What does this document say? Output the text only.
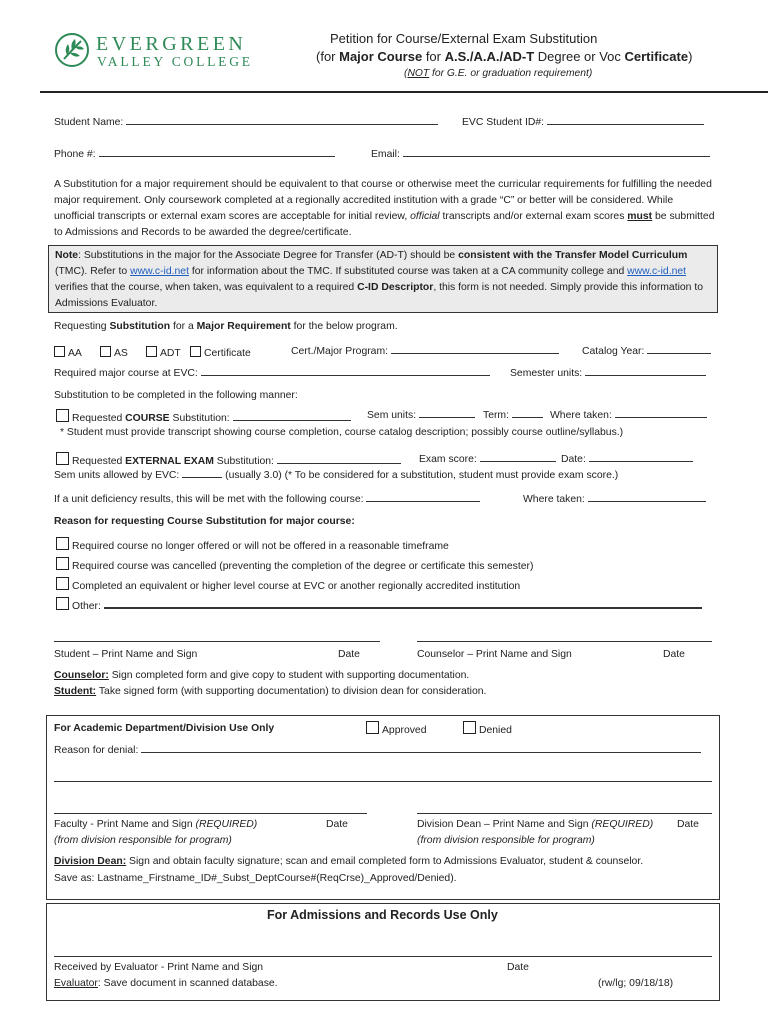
EVERGREEN
VALLEY COLLEGE
Petition for Course/External Exam Substitution
(for Major Course for A.S./A.A./AD-T Degree or Voc Certificate)
(NOT for G.E. or graduation requirement)
Student Name:	EVC Student ID#:
Phone #:	Email:
A Substitution for a major requirement should be equivalent to that course or otherwise meet the curricular requirements for fulfilling the needed major requirement. Only coursework completed at a regionally accredited institution with a grade “C” or better will be considered. While unofficial transcripts or external exam scores are acceptable for initial review, official transcripts and/or external exam scores must be submitted to Admissions and Records to be awarded the degree/certificate.
Note: Substitutions in the major for the Associate Degree for Transfer (AD-T) should be consistent with the Transfer Model Curriculum (TMC). Refer to www.c-id.net for information about the TMC. If substituted course was taken at a CA community college and www.c-id.net verifies that the course, when taken, was equivalent to a required C-ID Descriptor, this form is not needed. Simply provide this information to Admissions Evaluator.
Requesting Substitution for a Major Requirement for the below program.
AA	AS	ADT	Certificate	Cert./Major Program:	Catalog Year:
Required major course at EVC:	Semester units:
Substitution to be completed in the following manner:
Requested COURSE Substitution:	Sem units:	Term:	Where taken:
* Student must provide transcript showing course completion, course catalog description; possibly course outline/syllabus.)
Requested EXTERNAL EXAM Substitution:	Exam score:	Date:
Sem units allowed by EVC:	(usually 3.0) (* To be considered for a substitution, student must provide exam score.)
If a unit deficiency results, this will be met with the following course:	Where taken:
Reason for requesting Course Substitution for major course:
Required course no longer offered or will not be offered in a reasonable timeframe
Required course was cancelled (preventing the completion of the degree or certificate this semester)
Completed an equivalent or higher level course at EVC or another regionally accredited institution
Other:
Student – Print Name and Sign	Date	Counselor – Print Name and Sign	Date
Counselor: Sign completed form and give copy to student with supporting documentation.
Student: Take signed form (with supporting documentation) to division dean for consideration.
For Academic Department/Division Use Only	Approved	Denied
Reason for denial:
Faculty - Print Name and Sign (REQUIRED)	Date
(from division responsible for program)
Division Dean – Print Name and Sign (REQUIRED) Date
(from division responsible for program)
Division Dean: Sign and obtain faculty signature; scan and email completed form to Admissions Evaluator, student & counselor.
Save as: Lastname_Firstname_ID#_Subst_DeptCourse#(ReqCrse)_Approved/Denied).
For Admissions and Records Use Only
Received by Evaluator - Print Name and Sign	Date
Evaluator: Save document in scanned database.	(rw/lg; 09/18/18)
